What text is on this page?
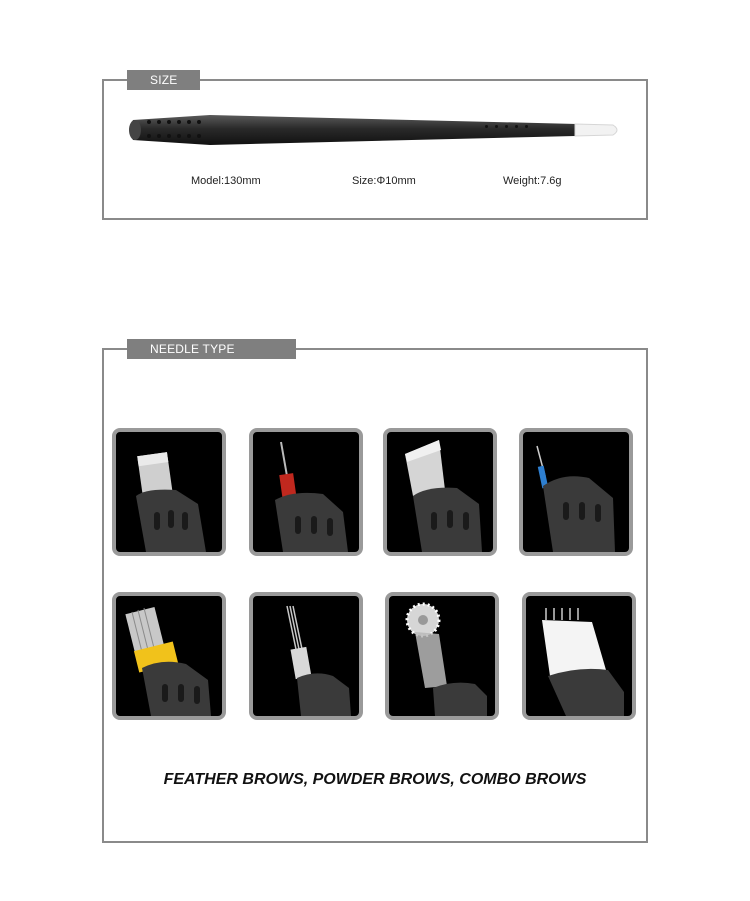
SIZE
Model:130mm	Size:Φ10mm	Weight:7.6g
NEEDLE TYPE
FEATHER BROWS, POWDER BROWS, COMBO BROWS
